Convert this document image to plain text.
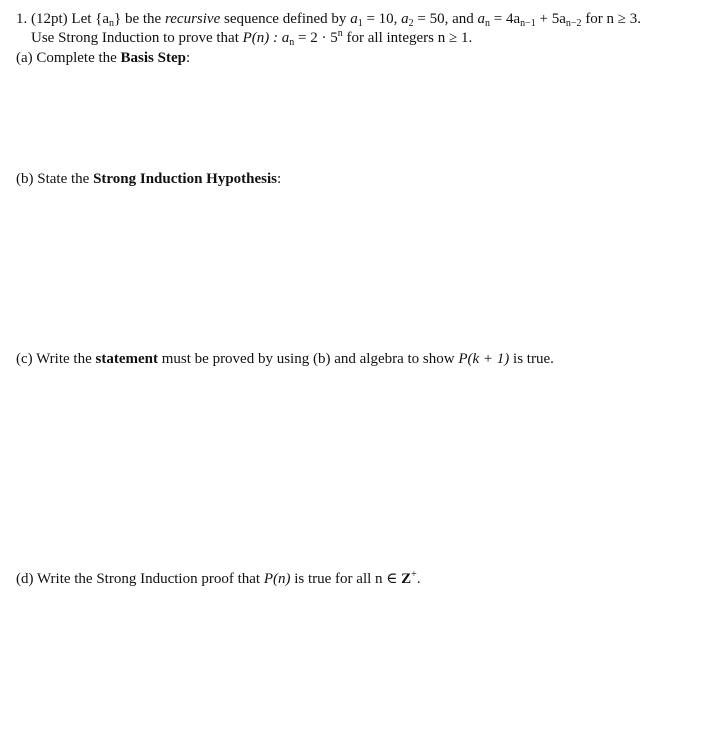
1. (12pt) Let $\{a_n\}$ be the recursive sequence defined by $a_1 = 10$, $a_2 = 50$, and $a_n = 4a_{n-1} + 5a_{n-2}$ for n ≥ 3.
Use Strong Induction to prove that P(n) : $a_n = 2 \cdot 5^n$ for all integers n ≥ 1.
(a) Complete the Basis Step:
(b) State the Strong Induction Hypothesis:
(c) Write the statement must be proved by using (b) and algebra to show P(k + 1) is true.
(d) Write the Strong Induction proof that P(n) is true for all n ∈ Z+.
